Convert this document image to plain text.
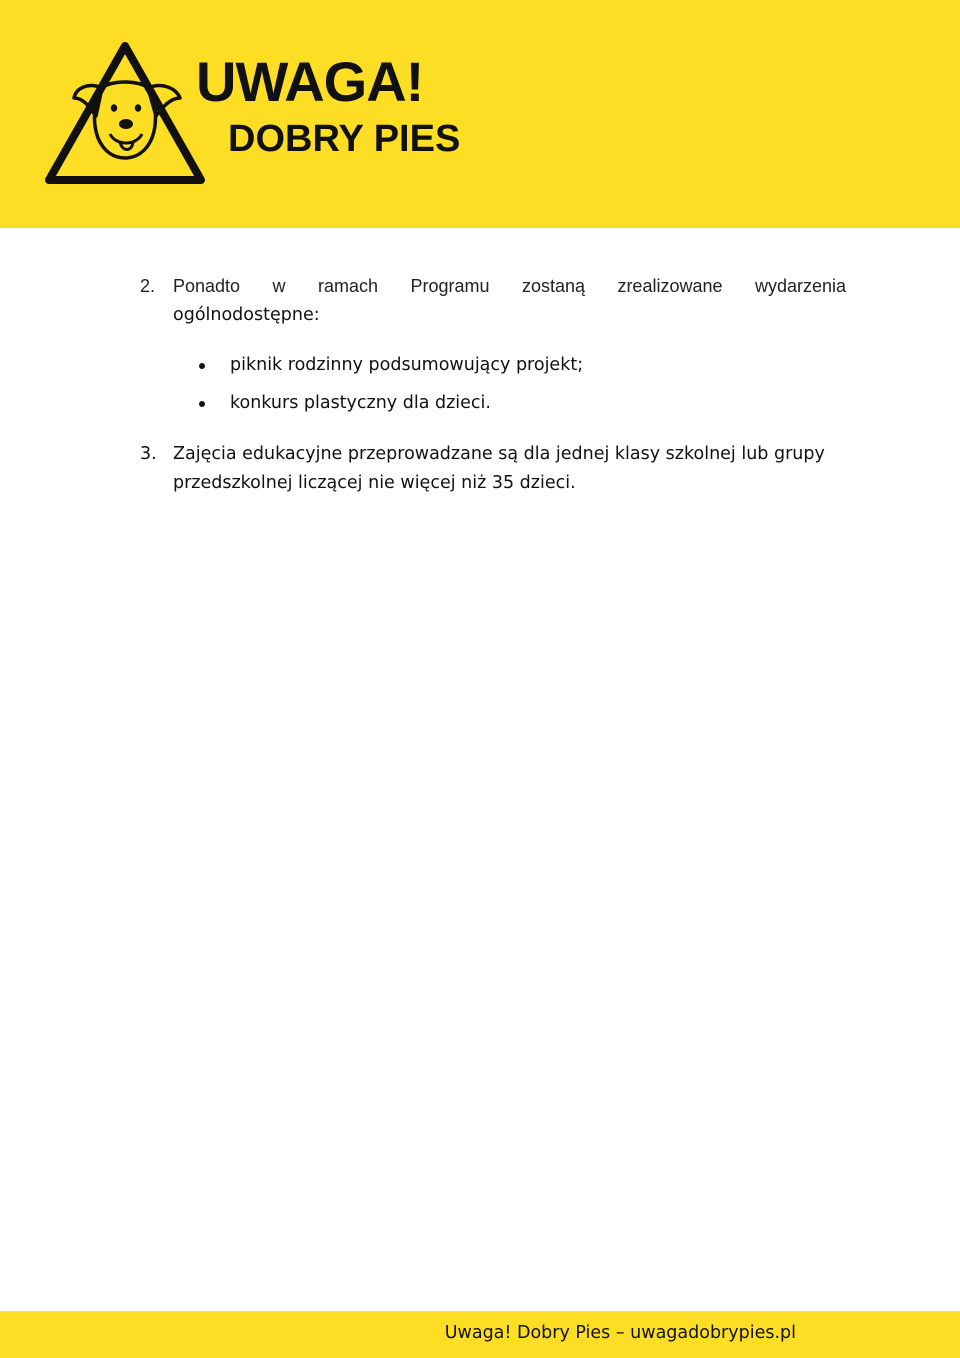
UWAGA!
DOBRY PIES
2. Ponadto w ramach Programu zostaną zrealizowane wydarzenia
ogólnodostępne:
piknik rodzinny podsumowujący projekt;
konkurs plastyczny dla dzieci.
3. Zajęcia edukacyjne przeprowadzane są dla jednej klasy szkolnej lub grupy przedszkolnej liczącej nie więcej niż 35 dzieci.
Uwaga! Dobry Pies – uwagadobrypies.pl
